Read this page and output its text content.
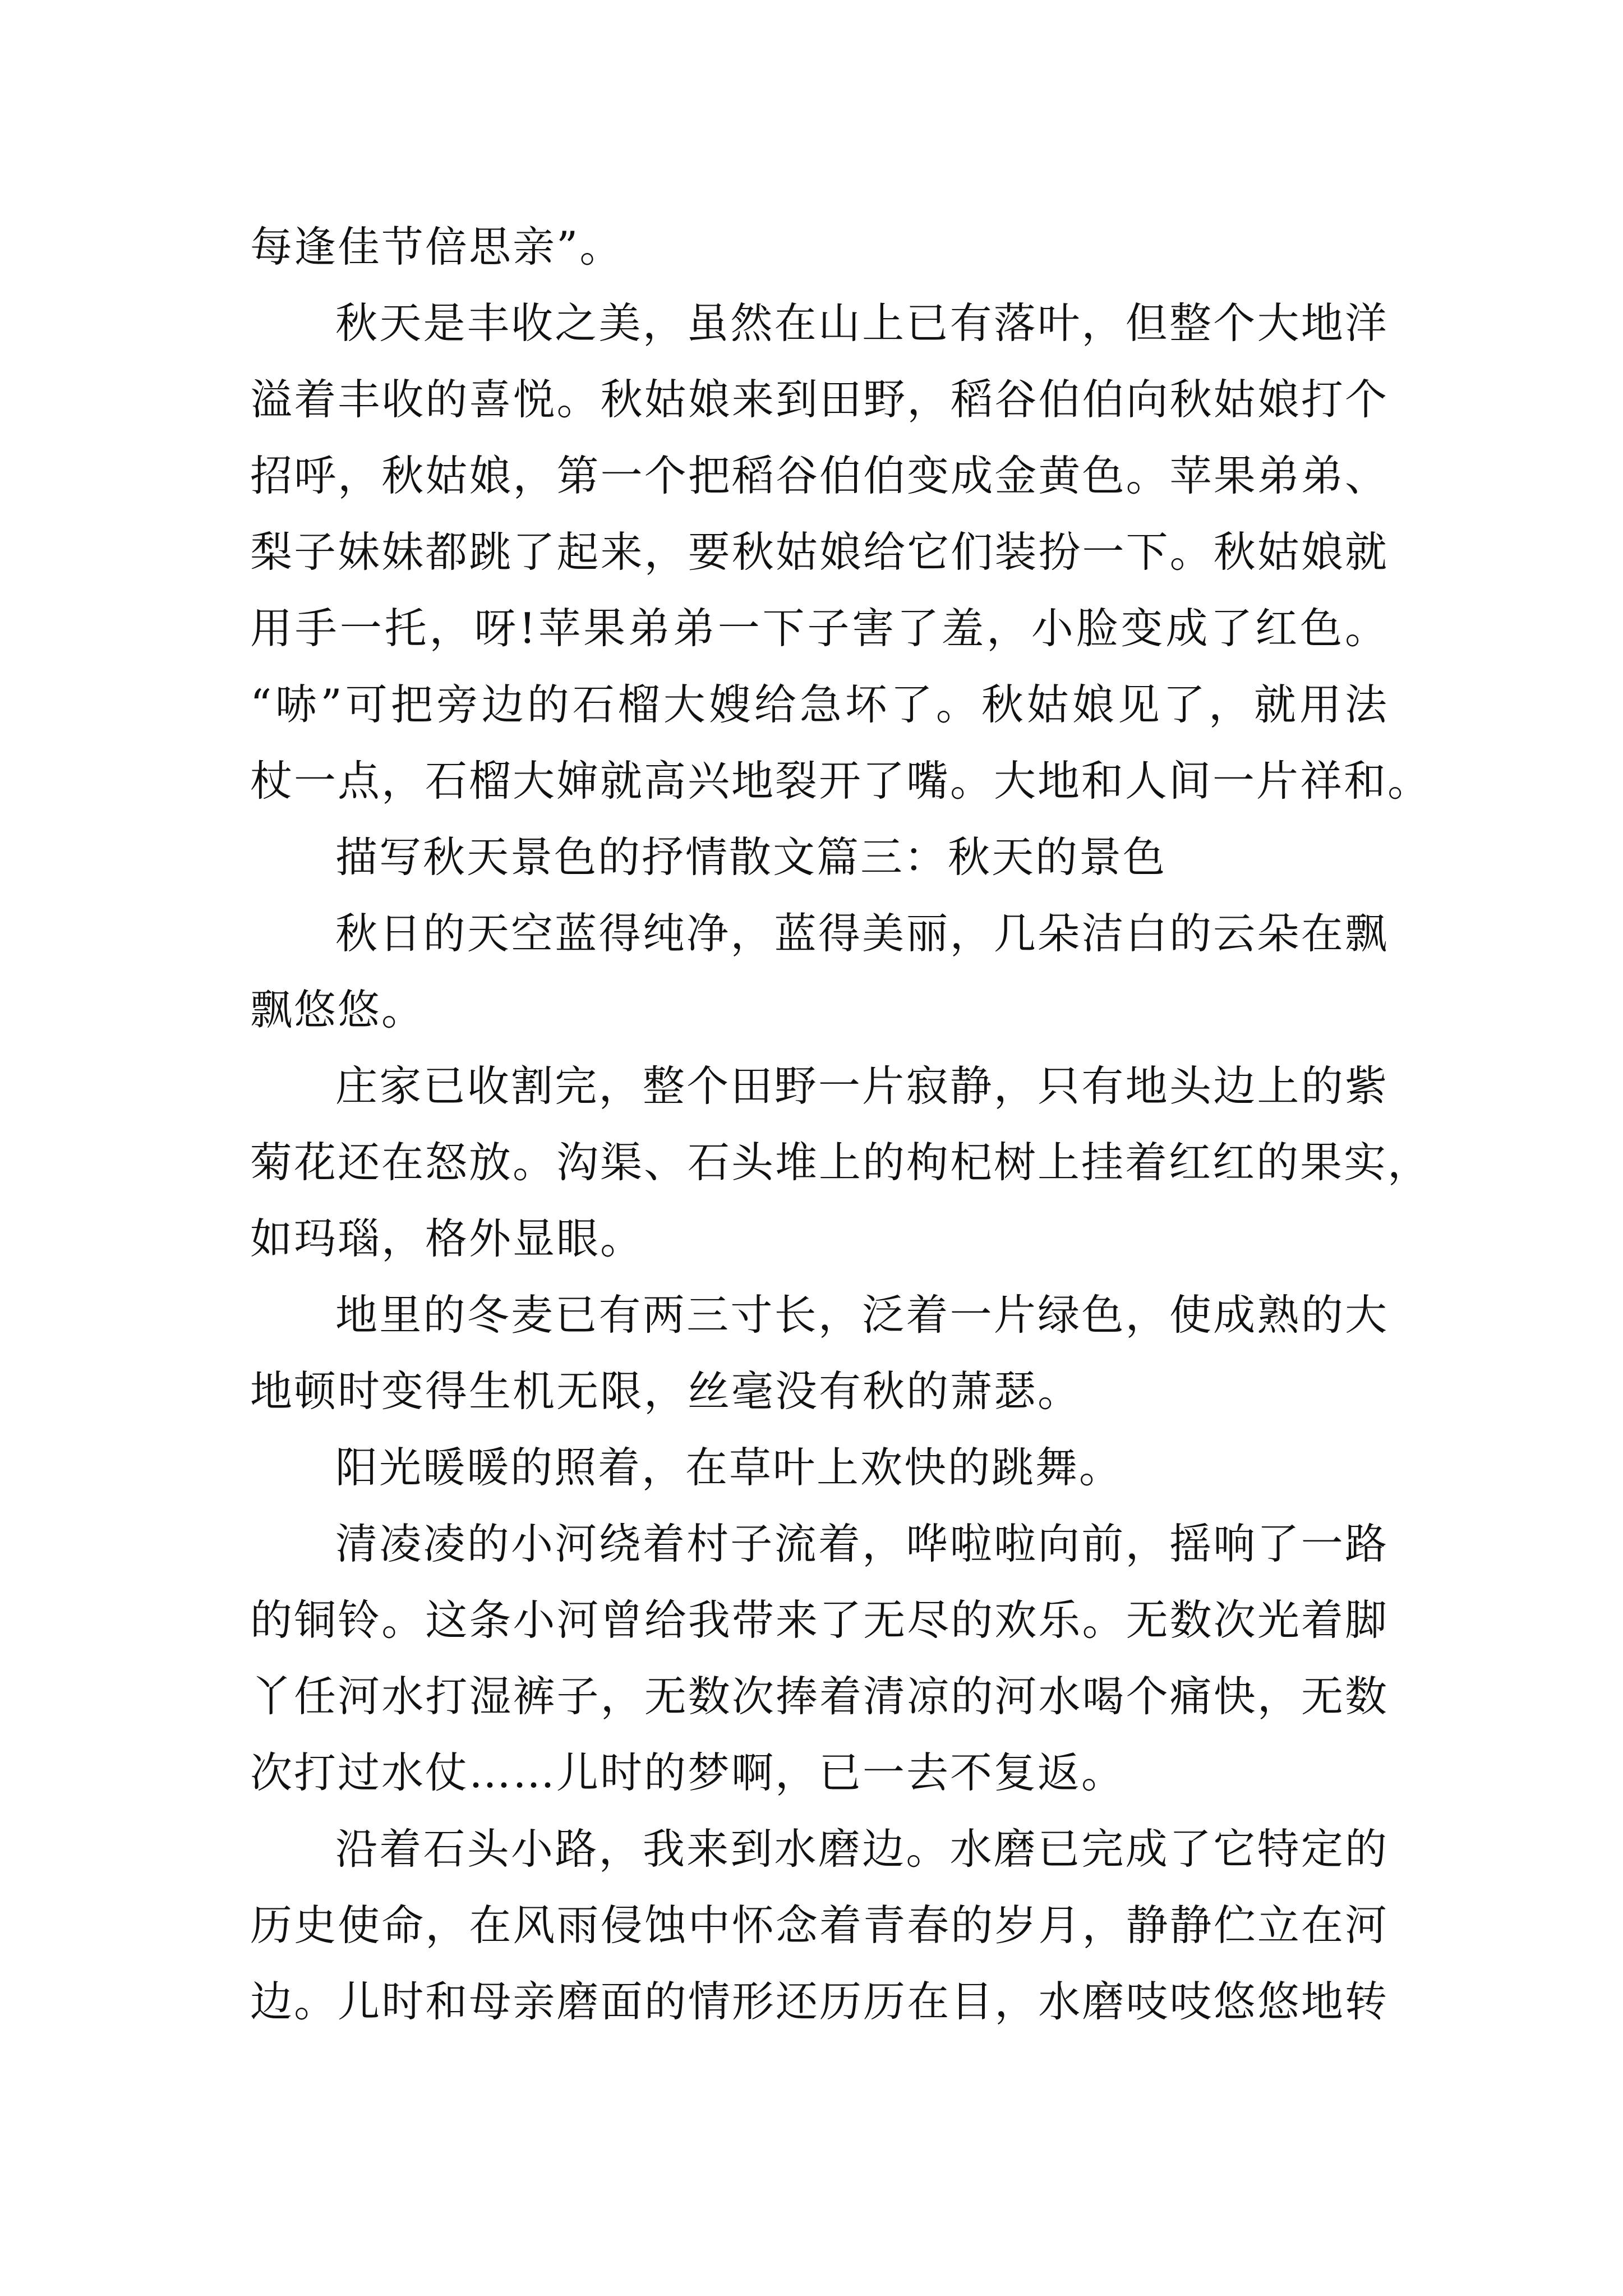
每逢佳节倍思亲”。
秋天是丰收之美，虽然在山上已有落叶，但整个大地洋
溢着丰收的喜悦。秋姑娘来到田野，稻谷伯伯向秋姑娘打个
招呼，秋姑娘，第一个把稻谷伯伯变成金黄色。苹果弟弟、
梨子妹妹都跳了起来，要秋姑娘给它们装扮一下。秋姑娘就
用手一托，呀!苹果弟弟一下子害了羞，小脸变成了红色。
“哧”可把旁边的石榴大嫂给急坏了。秋姑娘见了，就用法
杖一点，石榴大婶就高兴地裂开了嘴。大地和人间一片祥和。
描写秋天景色的抒情散文篇三：秋天的景色
秋日的天空蓝得纯净，蓝得美丽，几朵洁白的云朵在飘
飘悠悠。
庄家已收割完，整个田野一片寂静，只有地头边上的紫
菊花还在怒放。沟渠、石头堆上的枸杞树上挂着红红的果实，
如玛瑙，格外显眼。
地里的冬麦已有两三寸长，泛着一片绿色，使成熟的大
地顿时变得生机无限，丝毫没有秋的萧瑟。
阳光暖暖的照着，在草叶上欢快的跳舞。
清凌凌的小河绕着村子流着，哗啦啦向前，摇响了一路
的铜铃。这条小河曾给我带来了无尽的欢乐。无数次光着脚
丫任河水打湿裤子，无数次捧着清凉的河水喝个痛快，无数
次打过水仗……儿时的梦啊，已一去不复返。
沿着石头小路，我来到水磨边。水磨已完成了它特定的
历史使命，在风雨侵蚀中怀念着青春的岁月，静静伫立在河
边。儿时和母亲磨面的情形还历历在目，水磨吱吱悠悠地转
